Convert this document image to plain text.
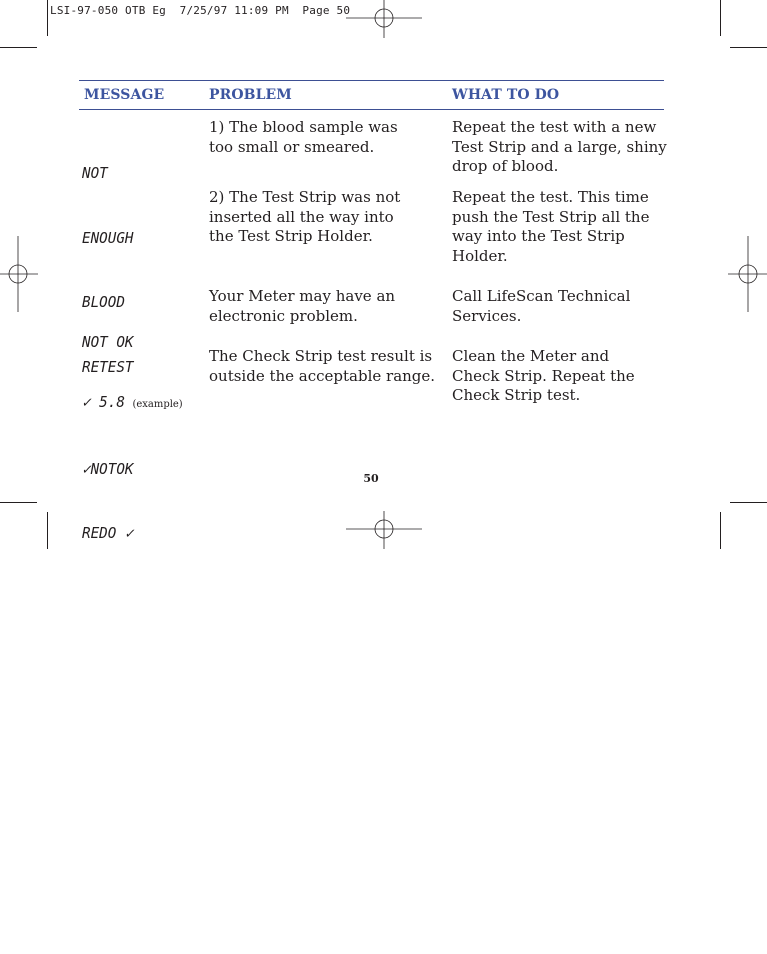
LSI-97-050 OTB Eg  7/25/97 11:09 PM  Page 50
MESSAGE	PROBLEM	WHAT TO DO

NOT

ENOUGH

BLOOD

RETEST

1) The blood sample was
too small or smeared.
Repeat the test with a new
Test Strip and a large, shiny
drop of blood.
2) The Test Strip was not
inserted all the way into
the Test Strip Holder.
Repeat the test. This time
push the Test Strip all the
way into the Test Strip
Holder.

NOT OK

Your Meter may have an
electronic problem.
Call LifeScan Technical
Services.

✓ 5.8 (example)

✓NOTOK

REDO ✓

The Check Strip test result is
outside the acceptable range.
Clean the Meter and
Check Strip. Repeat the
Check Strip test.
50
